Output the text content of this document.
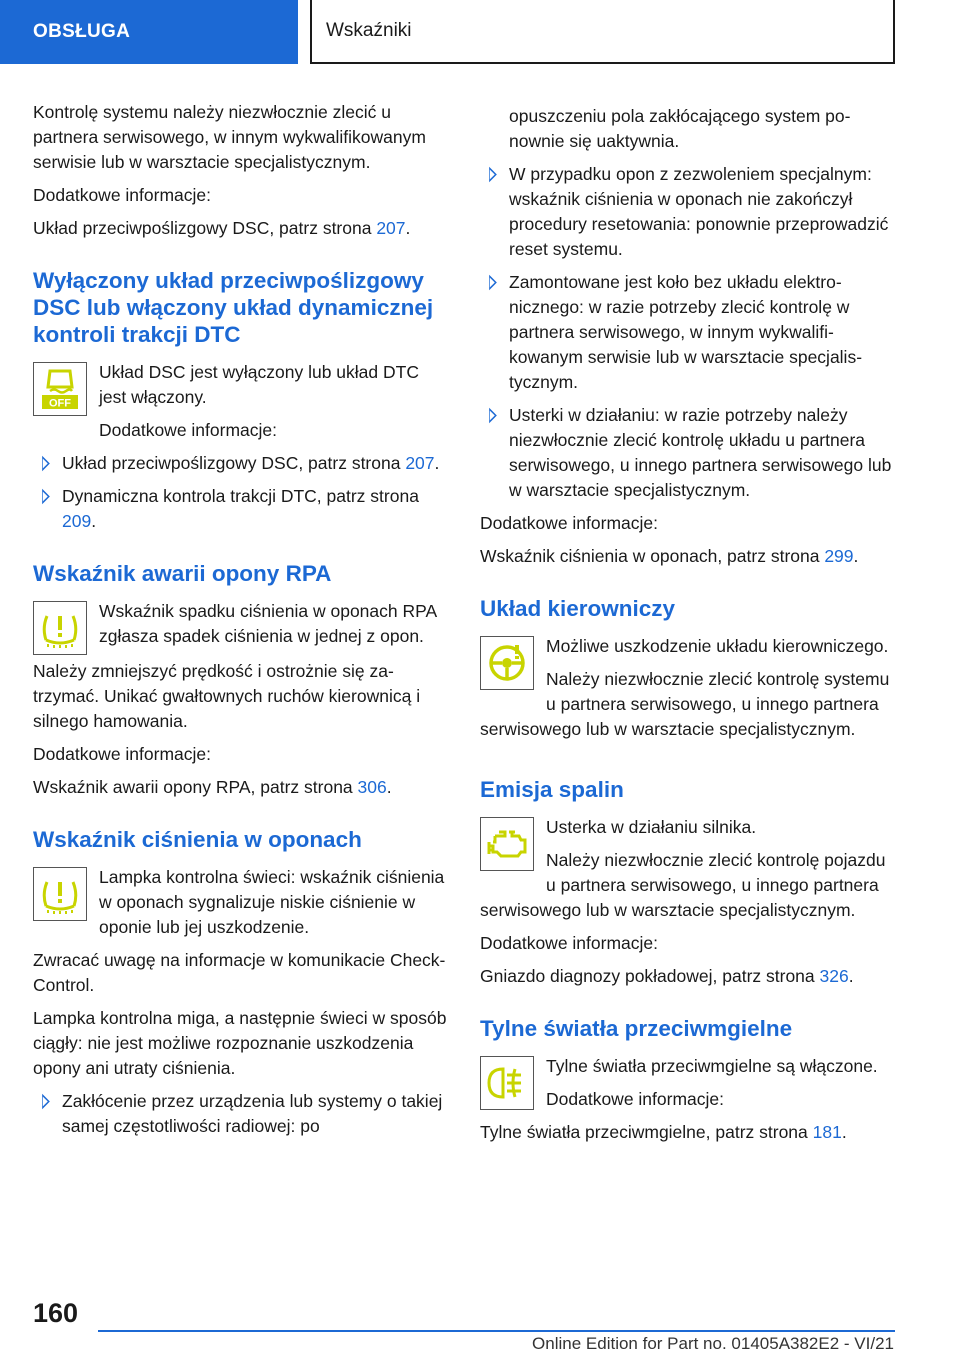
OBSŁUGA	Wskaźniki

Kontrolę systemu należy niezwłocznie zlecić u partnera serwisowego, w innym wykwalifikowanym serwisie lub w warsztacie specjalistycznym.

Dodatkowe informacje:

Układ przeciwpoślizgowy DSC, patrz strona 207.

Wyłączony układ przeciwpoślizgowy DSC lub włączony układ dynamicznej kontroli trakcji DTC
OFF

Układ DSC jest wyłączony lub układ DTC jest włączony.

Dodatkowe informacje:

Układ przeciwpoślizgowy DSC, patrz strona 207.
Dynamiczna kontrola trakcji DTC, patrz strona 209.
Wskaźnik awarii opony RPA

Wskaźnik spadku ciśnienia w oponach RPA zgłasza spadek ciśnienia w jednej z opon.

Należy zmniejszyć prędkość i ostrożnie się zatrzymać. Unikać gwałtownych ruchów kierownicą i silnego hamowania.

Dodatkowe informacje:

Wskaźnik awarii opony RPA, patrz strona 306.

Wskaźnik ciśnienia w oponach

Lampka kontrolna świeci: wskaźnik ciśnienia w oponach sygnalizuje niskie ciśnienie w oponie lub jej uszkodzenie.

Zwracać uwagę na informacje w komunikacie Check-Control.

Lampka kontrolna miga, a następnie świeci w sposób ciągły: nie jest możliwe rozpoznanie uszkodzenia opony ani utraty ciśnienia.

Zakłócenie przez urządzenia lub systemy o takiej samej częstotliwości radiowej: po

opuszczeniu pola zakłócającego system ponownie się uaktywnia.

W przypadku opon z zezwoleniem specjalnym: wskaźnik ciśnienia w oponach nie zakończył procedury resetowania: ponownie przeprowadzić reset systemu.
Zamontowane jest koło bez układu elektronicznego: w razie potrzeby zlecić kontrolę w partnera serwisowego, w innym wykwalifikowanym serwisie lub w warsztacie specjalistycznym.
Usterki w działaniu: w razie potrzeby należy niezwłocznie zlecić kontrolę układu u partnera serwisowego, u innego partnera serwisowego lub w warsztacie specjalistycznym.

Dodatkowe informacje:

Wskaźnik ciśnienia w oponach, patrz strona 299.

Układ kierowniczy

Możliwe uszkodzenie układu kierowniczego.

Należy niezwłocznie zlecić kontrolę systemu u partnera serwisowego, u innego partnera serwisowego lub w warsztacie specjalistycznym.

Emisja spalin

Usterka w działaniu silnika.

Należy niezwłocznie zlecić kontrolę pojazdu u partnera serwisowego, u innego partnera serwisowego lub w warsztacie specjalistycznym.

Dodatkowe informacje:

Gniazdo diagnozy pokładowej, patrz strona 326.

Tylne światła przeciwmgielne

Tylne światła przeciwmgielne są włączone.

Dodatkowe informacje:

Tylne światła przeciwmgielne, patrz strona 181.

160
Online Edition for Part no. 01405A382E2 - VI/21
